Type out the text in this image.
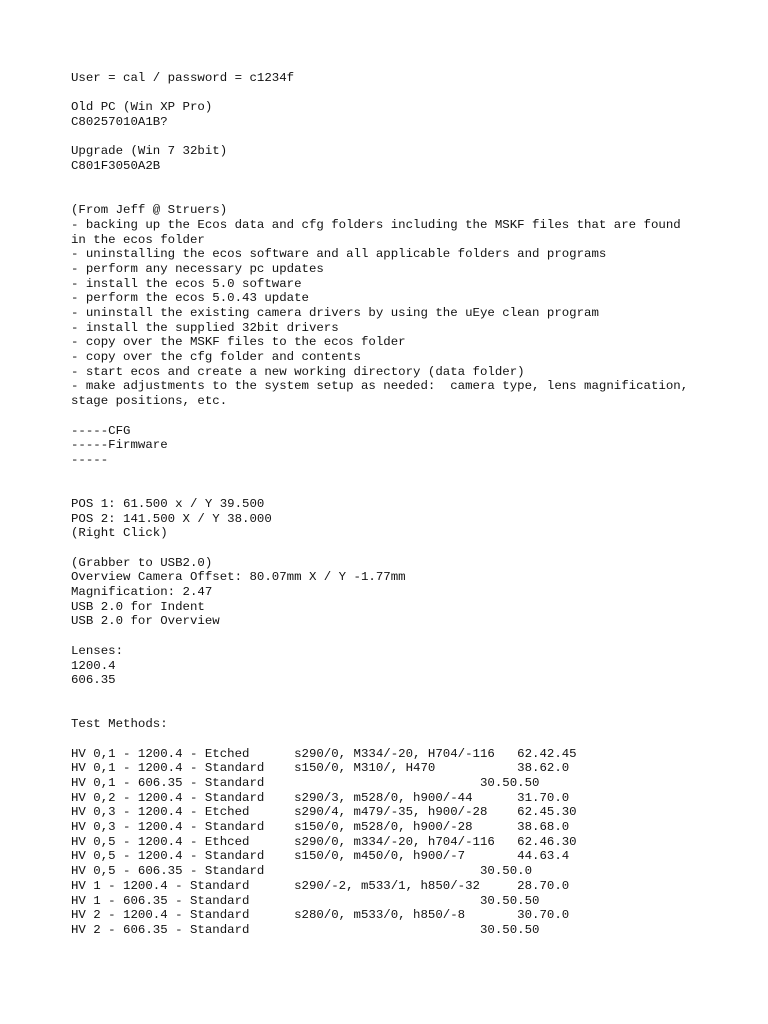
User = cal / password = c1234f
Old PC (Win XP Pro)
C80257010A1B?
Upgrade (Win 7 32bit)
C801F3050A2B
(From Jeff @ Struers)
- backing up the Ecos data and cfg folders including the MSKF files that are found
in the ecos folder
- uninstalling the ecos software and all applicable folders and programs
- perform any necessary pc updates
- install the ecos 5.0 software
- perform the ecos 5.0.43 update
- uninstall the existing camera drivers by using the uEye clean program
- install the supplied 32bit drivers
- copy over the MSKF files to the ecos folder
- copy over the cfg folder and contents
- start ecos and create a new working directory (data folder)
- make adjustments to the system setup as needed:  camera type, lens magnification,
stage positions, etc.
-----CFG
-----Firmware
-----
POS 1: 61.500 x / Y 39.500
POS 2: 141.500 X / Y 38.000
(Right Click)
(Grabber to USB2.0)
Overview Camera Offset: 80.07mm X / Y -1.77mm
Magnification: 2.47
USB 2.0 for Indent
USB 2.0 for Overview
Lenses:
1200.4
606.35
Test Methods:
HV 0,1 - 1200.4 - Etched      s290/0, M334/-20, H704/-116   62.42.45
HV 0,1 - 1200.4 - Standard    s150/0, M310/, H470           38.62.0
HV 0,1 - 606.35 - Standard                             30.50.50
HV 0,2 - 1200.4 - Standard    s290/3, m528/0, h900/-44      31.70.0
HV 0,3 - 1200.4 - Etched      s290/4, m479/-35, h900/-28    62.45.30
HV 0,3 - 1200.4 - Standard    s150/0, m528/0, h900/-28      38.68.0
HV 0,5 - 1200.4 - Ethced      s290/0, m334/-20, h704/-116   62.46.30
HV 0,5 - 1200.4 - Standard    s150/0, m450/0, h900/-7       44.63.4
HV 0,5 - 606.35 - Standard                             30.50.0
HV 1 - 1200.4 - Standard      s290/-2, m533/1, h850/-32     28.70.0
HV 1 - 606.35 - Standard                               30.50.50
HV 2 - 1200.4 - Standard      s280/0, m533/0, h850/-8       30.70.0
HV 2 - 606.35 - Standard                               30.50.50
